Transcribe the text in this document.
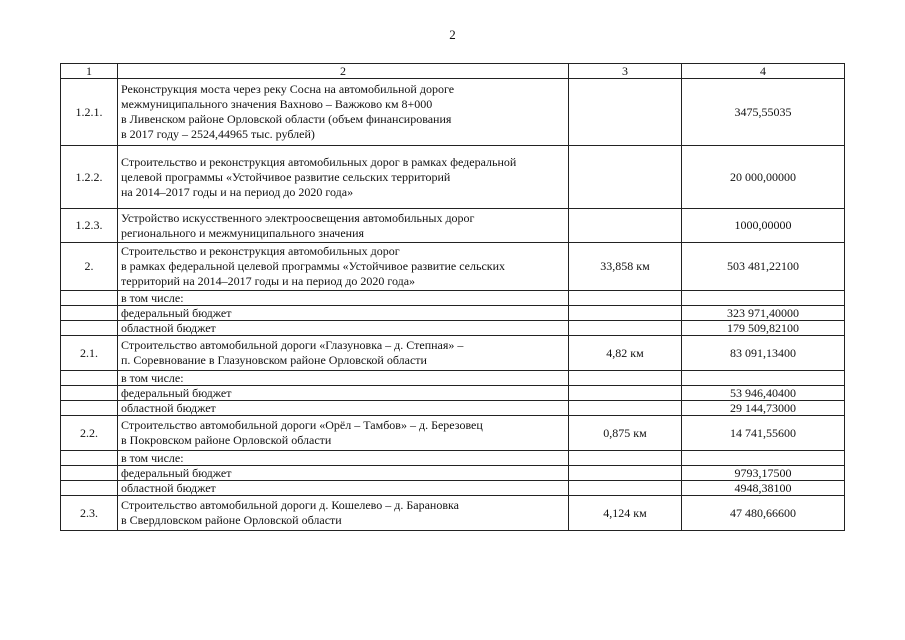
2
1	2	3	4
1.2.1.	Реконструкция моста через реку Сосна на автомобильной дороге
межмуниципального значения Вахново – Важжово км 8+000
в Ливенском районе Орловской области (объем финансирования
в 2017 году – 2524,44965 тыс. рублей)		3475,55035
1.2.2.	Строительство и реконструкция автомобильных дорог в рамках федеральной
целевой программы «Устойчивое развитие сельских территорий
на 2014–2017 годы и на период до 2020 года»		20 000,00000
1.2.3.	Устройство искусственного электроосвещения автомобильных дорог
регионального и межмуниципального значения		1000,00000
2.	Строительство и реконструкция автомобильных дорог
в рамках федеральной целевой программы «Устойчивое развитие сельских
территорий на 2014–2017 годы и на период до 2020 года»	33,858 км	503 481,22100

	в том числе:		

	федеральный бюджет		323 971,40000

	областной бюджет		179 509,82100
2.1.	Строительство автомобильной дороги «Глазуновка – д. Степная» –
п. Соревнование в Глазуновском районе Орловской области	4,82 км	83 091,13400

	в том числе:		

	федеральный бюджет		53 946,40400

	областной бюджет		29 144,73000
2.2.	Строительство автомобильной дороги «Орёл – Тамбов» – д. Березовец
в Покровском районе Орловской области	0,875 км	14 741,55600

	в том числе:		

	федеральный бюджет		9793,17500

	областной бюджет		4948,38100
2.3.	Строительство автомобильной дороги д. Кошелево – д. Барановка
в Свердловском районе Орловской области	4,124 км	47 480,66600
